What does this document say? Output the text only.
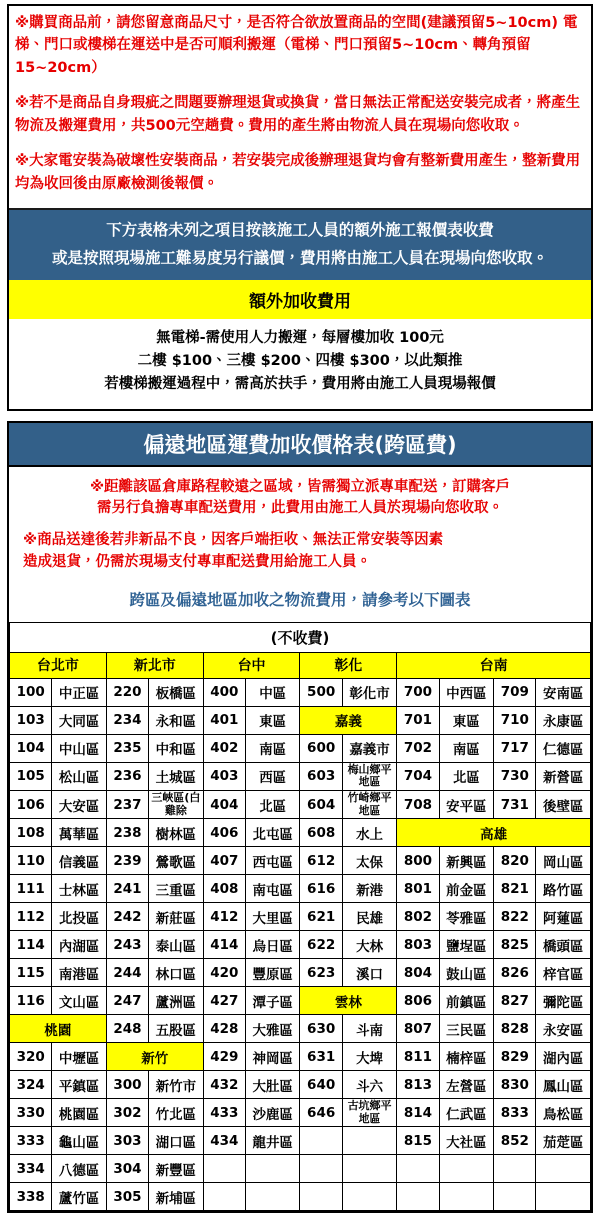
※購買商品前，請您留意商品尺寸，是否符合欲放置商品的空間(建議預留5~10cm) 電梯、門口或樓梯在運送中是否可順利搬運（電梯、門口預留5~10cm、轉角預留15~20cm）

※若不是商品自身瑕疵之問題要辦理退貨或換貨，當日無法正常配送安裝完成者，將產生物流及搬運費用，共500元空趟費。費用的產生將由物流人員在現場向您收取。

※大家電安裝為破壞性安裝商品，若安裝完成後辦理退貨均會有整新費用產生，整新費用均為收回後由原廠檢測後報價。

下方表格未列之項目按該施工人員的額外施工報價表收費
或是按照現場施工難易度另行議價，費用將由施工人員在現場向您收取。
額外加收費用
無電梯-需使用人力搬運，每層樓加收 100元
二樓 $100、三樓 $200、四樓 $300，以此類推
若樓梯搬運過程中，需高於扶手，費用將由施工人員現場報價
偏遠地區運費加收價格表(跨區費)
※距離該區倉庫路程較遠之區域，皆需獨立派專車配送，訂購客戶
需另行負擔專車配送費用，此費用由施工人員於現場向您收取。
※商品送達後若非新品不良，因客戶端拒收、無法正常安裝等因素
造成退貨，仍需於現場支付專車配送費用給施工人員。
跨區及偏遠地區加收之物流費用，請參考以下圖表
(不收費)											
台北市		新北市		台中		彰化		台南			
100	中正區	220	板橋區	400	中區	500	彰化市	700	中西區	709	安南區
103	大同區	234	永和區	401	東區	嘉義		701	東區	710	永康區
104	中山區	235	中和區	402	南區	600	嘉義市	702	南區	717	仁德區
105	松山區	236	土城區	403	西區	603	梅山鄉平地區	704	北區	730	新營區
106	大安區	237	三峽區(白雞除	404	北區	604	竹崎鄉平地區	708	安平區	731	後壁區
108	萬華區	238	樹林區	406	北屯區	608	水上	高雄			
110	信義區	239	鶯歌區	407	西屯區	612	太保	800	新興區	820	岡山區
111	士林區	241	三重區	408	南屯區	616	新港	801	前金區	821	路竹區
112	北投區	242	新莊區	412	大里區	621	民雄	802	苓雅區	822	阿蓮區
114	內湖區	243	泰山區	414	烏日區	622	大林	803	鹽埕區	825	橋頭區
115	南港區	244	林口區	420	豐原區	623	溪口	804	鼓山區	826	梓官區
116	文山區	247	蘆洲區	427	潭子區	雲林		806	前鎮區	827	彌陀區
桃園		248	五股區	428	大雅區	630	斗南	807	三民區	828	永安區
320	中壢區	新竹		429	神岡區	631	大埤	811	楠梓區	829	湖內區
324	平鎮區	300	新竹市	432	大肚區	640	斗六	813	左營區	830	鳳山區
330	桃園區	302	竹北區	433	沙鹿區	646	古坑鄉平地區	814	仁武區	833	鳥松區
333	龜山區	303	湖口區	434	龍井區			815	大社區	852	茄萣區
334	八德區	304	新豐區								
338	蘆竹區	305	新埔區								
